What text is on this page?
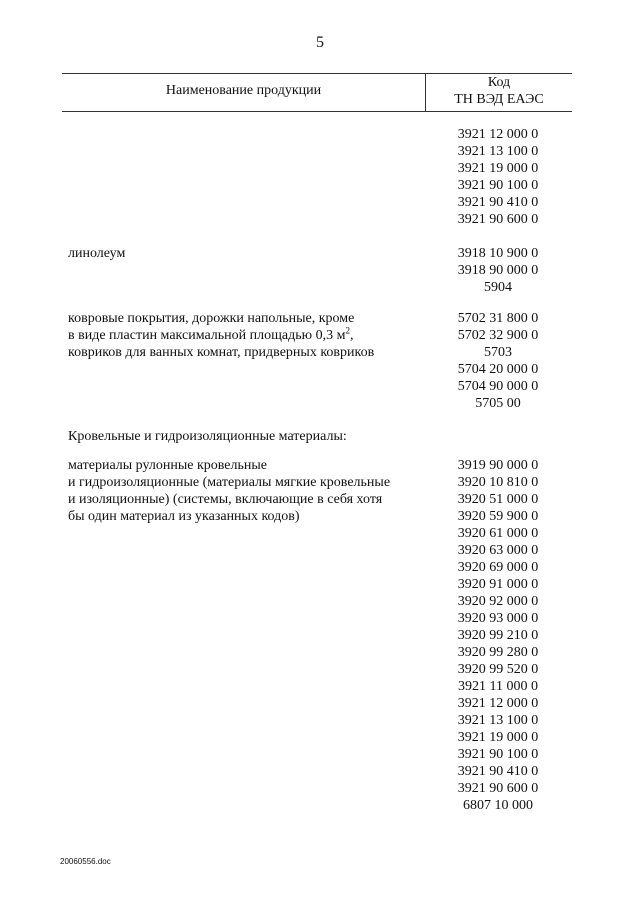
5
Наименование продукции
Код
ТН ВЭД ЕАЭС
3921 12 000 0
3921 13 100 0
3921 19 000 0
3921 90 100 0
3921 90 410 0
3921 90 600 0
линолеум	3918 10 900 0
3918 90 000 0
5904
ковровые покрытия, дорожки напольные, кроме
в виде пластин максимальной площадью 0,3 $м^2$,
ковриков для ванных комнат, придверных ковриков
5702 31 800 0
5702 32 900 0
5703
5704 20 000 0
5704 90 000 0
5705 00
Кровельные и гидроизоляционные материалы:
материалы рулонные кровельные
и гидроизоляционные (материалы мягкие кровельные
и изоляционные) (системы, включающие в себя хотя
бы один материал из указанных кодов)
3919 90 000 0
3920 10 810 0
3920 51 000 0
3920 59 900 0
3920 61 000 0
3920 63 000 0
3920 69 000 0
3920 91 000 0
3920 92 000 0
3920 93 000 0
3920 99 210 0
3920 99 280 0
3920 99 520 0
3921 11 000 0
3921 12 000 0
3921 13 100 0
3921 19 000 0
3921 90 100 0
3921 90 410 0
3921 90 600 0
6807 10 000
20060556.doc
